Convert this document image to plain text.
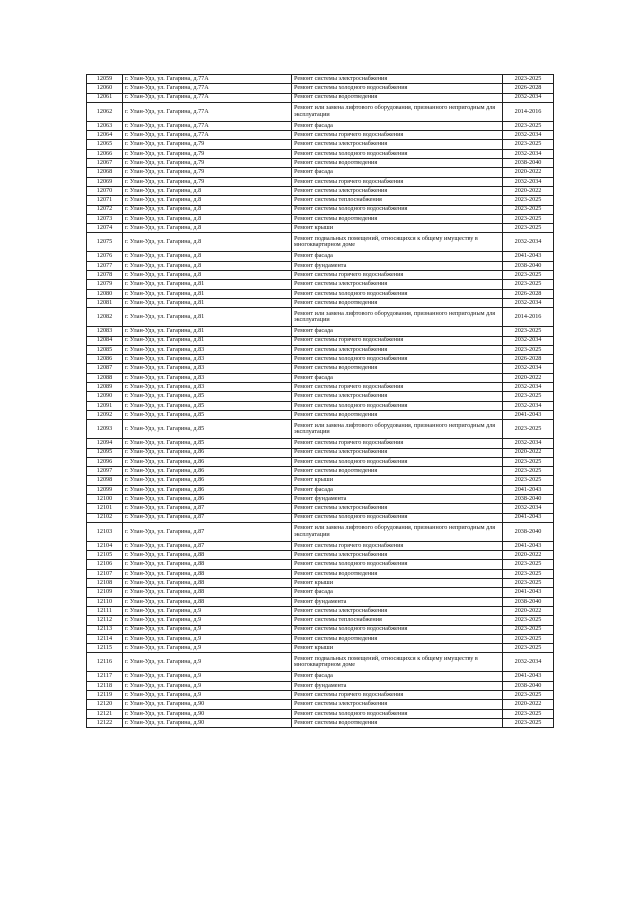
12059	г. Улан-Удэ, ул. Гагарина, д.77А	Ремонт системы электроснабжения	2023-2025
12060	г. Улан-Удэ, ул. Гагарина, д.77А	Ремонт системы холодного водоснабжения	2026-2028
12061	г. Улан-Удэ, ул. Гагарина, д.77А	Ремонт системы водоотведения	2032-2034
12062	г. Улан-Удэ, ул. Гагарина, д.77А	Ремонт или замена лифтового оборудования, признанного непригодным для эксплуатации	2014-2016
12063	г. Улан-Удэ, ул. Гагарина, д.77А	Ремонт фасада	2023-2025
12064	г. Улан-Удэ, ул. Гагарина, д.77А	Ремонт системы горячего водоснабжения	2032-2034
12065	г. Улан-Удэ, ул. Гагарина, д.79	Ремонт системы электроснабжения	2023-2025
12066	г. Улан-Удэ, ул. Гагарина, д.79	Ремонт системы холодного водоснабжения	2032-2034
12067	г. Улан-Удэ, ул. Гагарина, д.79	Ремонт системы водоотведения	2038-2040
12068	г. Улан-Удэ, ул. Гагарина, д.79	Ремонт фасада	2020-2022
12069	г. Улан-Удэ, ул. Гагарина, д.79	Ремонт системы горячего водоснабжения	2032-2034
12070	г. Улан-Удэ, ул. Гагарина, д.8	Ремонт системы электроснабжения	2020-2022
12071	г. Улан-Удэ, ул. Гагарина, д.8	Ремонт системы теплоснабжения	2023-2025
12072	г. Улан-Удэ, ул. Гагарина, д.8	Ремонт системы холодного водоснабжения	2023-2025
12073	г. Улан-Удэ, ул. Гагарина, д.8	Ремонт системы водоотведения	2023-2025
12074	г. Улан-Удэ, ул. Гагарина, д.8	Ремонт крыши	2023-2025
12075	г. Улан-Удэ, ул. Гагарина, д.8	Ремонт подвальных помещений, относящихся к общему имуществу в многоквартирном доме	2032-2034
12076	г. Улан-Удэ, ул. Гагарина, д.8	Ремонт фасада	2041-2043
12077	г. Улан-Удэ, ул. Гагарина, д.8	Ремонт фундамента	2038-2040
12078	г. Улан-Удэ, ул. Гагарина, д.8	Ремонт системы горячего водоснабжения	2023-2025
12079	г. Улан-Удэ, ул. Гагарина, д.81	Ремонт системы электроснабжения	2023-2025
12080	г. Улан-Удэ, ул. Гагарина, д.81	Ремонт системы холодного водоснабжения	2026-2028
12081	г. Улан-Удэ, ул. Гагарина, д.81	Ремонт системы водоотведения	2032-2034
12082	г. Улан-Удэ, ул. Гагарина, д.81	Ремонт или замена лифтового оборудования, признанного непригодным для эксплуатации	2014-2016
12083	г. Улан-Удэ, ул. Гагарина, д.81	Ремонт фасада	2023-2025
12084	г. Улан-Удэ, ул. Гагарина, д.81	Ремонт системы горячего водоснабжения	2032-2034
12085	г. Улан-Удэ, ул. Гагарина, д.83	Ремонт системы электроснабжения	2023-2025
12086	г. Улан-Удэ, ул. Гагарина, д.83	Ремонт системы холодного водоснабжения	2026-2028
12087	г. Улан-Удэ, ул. Гагарина, д.83	Ремонт системы водоотведения	2032-2034
12088	г. Улан-Удэ, ул. Гагарина, д.83	Ремонт фасада	2020-2022
12089	г. Улан-Удэ, ул. Гагарина, д.83	Ремонт системы горячего водоснабжения	2032-2034
12090	г. Улан-Удэ, ул. Гагарина, д.85	Ремонт системы электроснабжения	2023-2025
12091	г. Улан-Удэ, ул. Гагарина, д.85	Ремонт системы холодного водоснабжения	2032-2034
12092	г. Улан-Удэ, ул. Гагарина, д.85	Ремонт системы водоотведения	2041-2043
12093	г. Улан-Удэ, ул. Гагарина, д.85	Ремонт или замена лифтового оборудования, признанного непригодным для эксплуатации	2023-2025
12094	г. Улан-Удэ, ул. Гагарина, д.85	Ремонт системы горячего водоснабжения	2032-2034
12095	г. Улан-Удэ, ул. Гагарина, д.86	Ремонт системы электроснабжения	2020-2022
12096	г. Улан-Удэ, ул. Гагарина, д.86	Ремонт системы холодного водоснабжения	2023-2025
12097	г. Улан-Удэ, ул. Гагарина, д.86	Ремонт системы водоотведения	2023-2025
12098	г. Улан-Удэ, ул. Гагарина, д.86	Ремонт крыши	2023-2025
12099	г. Улан-Удэ, ул. Гагарина, д.86	Ремонт фасада	2041-2043
12100	г. Улан-Удэ, ул. Гагарина, д.86	Ремонт фундамента	2038-2040
12101	г. Улан-Удэ, ул. Гагарина, д.87	Ремонт системы электроснабжения	2032-2034
12102	г. Улан-Удэ, ул. Гагарина, д.87	Ремонт системы холодного водоснабжения	2041-2043
12103	г. Улан-Удэ, ул. Гагарина, д.87	Ремонт или замена лифтового оборудования, признанного непригодным для эксплуатации	2038-2040
12104	г. Улан-Удэ, ул. Гагарина, д.87	Ремонт системы горячего водоснабжения	2041-2043
12105	г. Улан-Удэ, ул. Гагарина, д.88	Ремонт системы электроснабжения	2020-2022
12106	г. Улан-Удэ, ул. Гагарина, д.88	Ремонт системы холодного водоснабжения	2023-2025
12107	г. Улан-Удэ, ул. Гагарина, д.88	Ремонт системы водоотведения	2023-2025
12108	г. Улан-Удэ, ул. Гагарина, д.88	Ремонт крыши	2023-2025
12109	г. Улан-Удэ, ул. Гагарина, д.88	Ремонт фасада	2041-2043
12110	г. Улан-Удэ, ул. Гагарина, д.88	Ремонт фундамента	2038-2040
12111	г. Улан-Удэ, ул. Гагарина, д.9	Ремонт системы электроснабжения	2020-2022
12112	г. Улан-Удэ, ул. Гагарина, д.9	Ремонт системы теплоснабжения	2023-2025
12113	г. Улан-Удэ, ул. Гагарина, д.9	Ремонт системы холодного водоснабжения	2023-2025
12114	г. Улан-Удэ, ул. Гагарина, д.9	Ремонт системы водоотведения	2023-2025
12115	г. Улан-Удэ, ул. Гагарина, д.9	Ремонт крыши	2023-2025
12116	г. Улан-Удэ, ул. Гагарина, д.9	Ремонт подвальных помещений, относящихся к общему имуществу в многоквартирном доме	2032-2034
12117	г. Улан-Удэ, ул. Гагарина, д.9	Ремонт фасада	2041-2043
12118	г. Улан-Удэ, ул. Гагарина, д.9	Ремонт фундамента	2038-2040
12119	г. Улан-Удэ, ул. Гагарина, д.9	Ремонт системы горячего водоснабжения	2023-2025
12120	г. Улан-Удэ, ул. Гагарина, д.90	Ремонт системы электроснабжения	2020-2022
12121	г. Улан-Удэ, ул. Гагарина, д.90	Ремонт системы холодного водоснабжения	2023-2025
12122	г. Улан-Удэ, ул. Гагарина, д.90	Ремонт системы водоотведения	2023-2025
